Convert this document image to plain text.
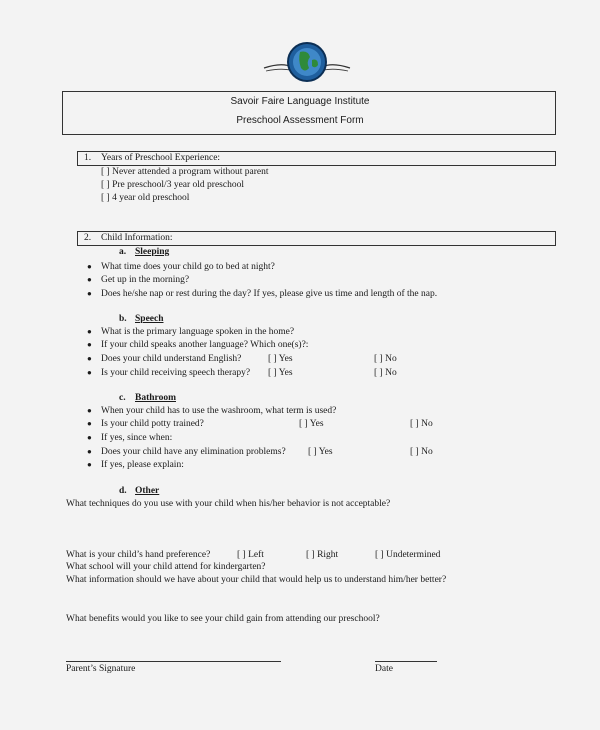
Savoir Faire Language Institute
Preschool Assessment Form
1. Years of Preschool Experience:
[ ] Never attended a program without parent
[ ] Pre preschool/3 year old preschool
[ ] 4 year old preschool
2. Child Information:
a. Sleeping
● What time does your child go to bed at night?
● Get up in the morning?
● Does he/she nap or rest during the day? If yes, please give us time and length of the nap.
b. Speech
● What is the primary language spoken in the home?
● If your child speaks another language? Which one(s)?:
● Does your child understand English?	[ ] Yes	[ ] No
● Is your child receiving speech therapy? [ ] Yes	[ ] No
c. Bathroom
● When your child has to use the washroom, what term is used?
● Is your child potty trained?	[ ] Yes	[ ] No
● If yes, since when:
● Does your child have any elimination problems? [ ] Yes	[ ] No
● If yes, please explain:
d. Other
What techniques do you use with your child when his/her behavior is not acceptable?
What is your child’s hand preference?	[ ] Left	[ ] Right	[ ] Undetermined
What school will your child attend for kindergarten?
What information should we have about your child that would help us to understand him/her better?
What benefits would you like to see your child gain from attending our preschool?
Parent’s Signature	Date
